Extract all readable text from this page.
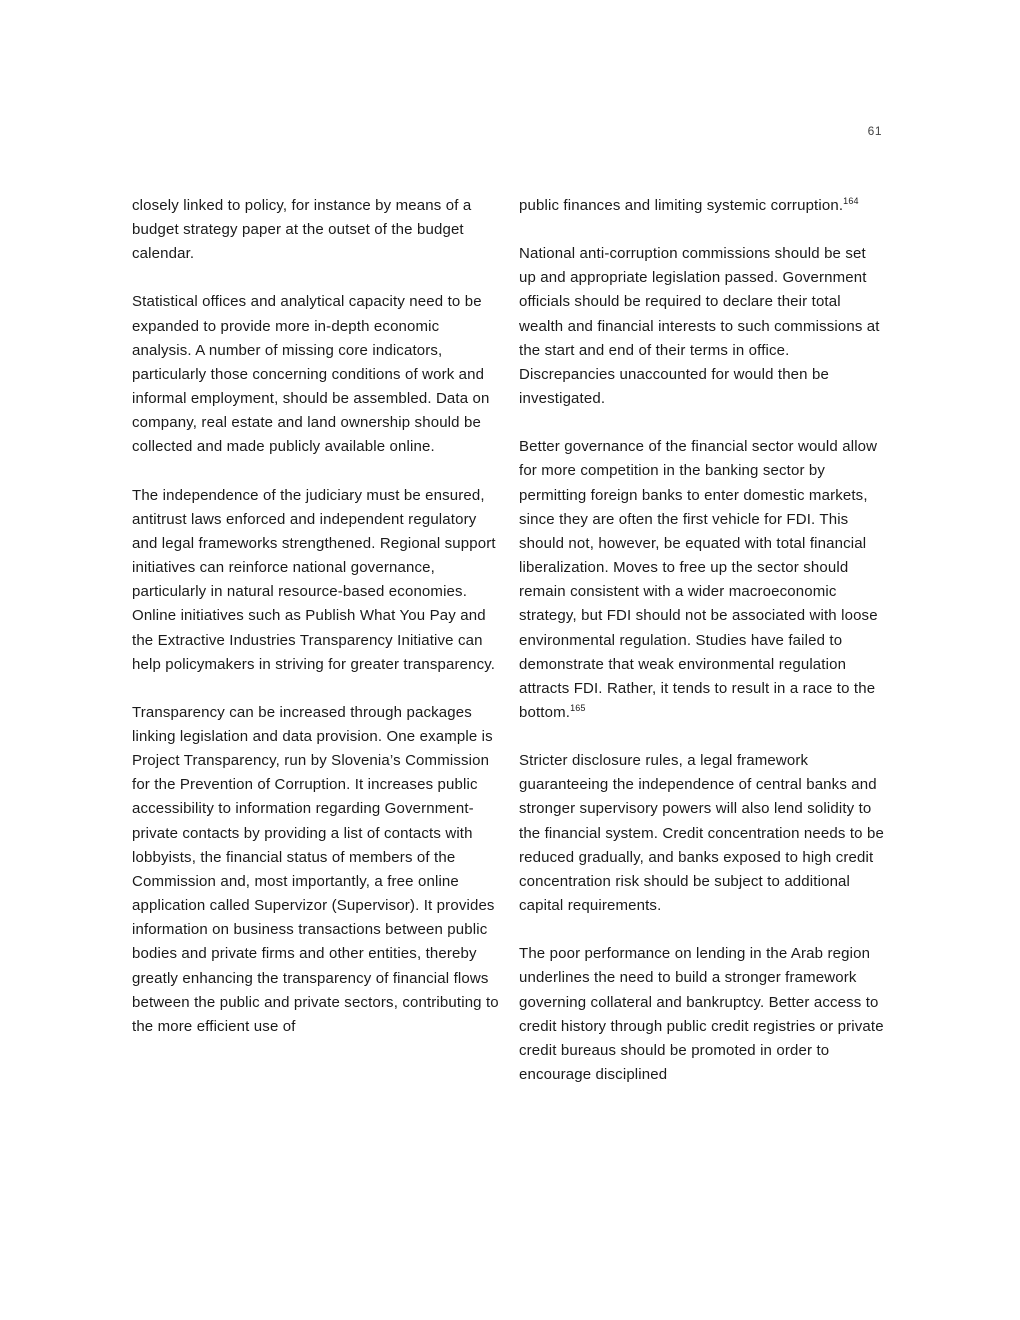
61

closely linked to policy, for instance by means of a budget strategy paper at the outset of the budget calendar.

Statistical offices and analytical capacity need to be expanded to provide more in-depth economic analysis. A number of missing core indicators, particularly those concerning conditions of work and informal employment, should be assembled. Data on company, real estate and land ownership should be collected and made publicly available online.

The independence of the judiciary must be ensured, antitrust laws enforced and independent regulatory and legal frameworks strengthened. Regional support initiatives can reinforce national governance, particularly in natural resource-based economies. Online initiatives such as Publish What You Pay and the Extractive Industries Transparency Initiative can help policymakers in striving for greater transparency.

Transparency can be increased through packages linking legislation and data provision. One example is Project Transparency, run by Slovenia’s Commission for the Prevention of Corruption. It increases public accessibility to information regarding Government-private contacts by providing a list of contacts with lobbyists, the financial status of members of the Commission and, most importantly, a free online application called Supervizor (Supervisor). It provides information on business transactions between public bodies and private firms and other entities, thereby greatly enhancing the transparency of financial flows between the public and private sectors, contributing to the more efficient use of

public finances and limiting systemic corruption.$^{164}$

National anti-corruption commissions should be set up and appropriate legislation passed. Government officials should be required to declare their total wealth and financial interests to such commissions at the start and end of their terms in office. Discrepancies unaccounted for would then be investigated.

Better governance of the financial sector would allow for more competition in the banking sector by permitting foreign banks to enter domestic markets, since they are often the first vehicle for FDI. This should not, however, be equated with total financial liberalization. Moves to free up the sector should remain consistent with a wider macroeconomic strategy, but FDI should not be associated with loose environmental regulation. Studies have failed to demonstrate that weak environmental regulation attracts FDI. Rather, it tends to result in a race to the bottom.$^{165}$

Stricter disclosure rules, a legal framework guaranteeing the independence of central banks and stronger supervisory powers will also lend solidity to the financial system. Credit concentration needs to be reduced gradually, and banks exposed to high credit concentration risk should be subject to additional capital requirements.

The poor performance on lending in the Arab region underlines the need to build a stronger framework governing collateral and bankruptcy. Better access to credit history through public credit registries or private credit bureaus should be promoted in order to encourage disciplined
